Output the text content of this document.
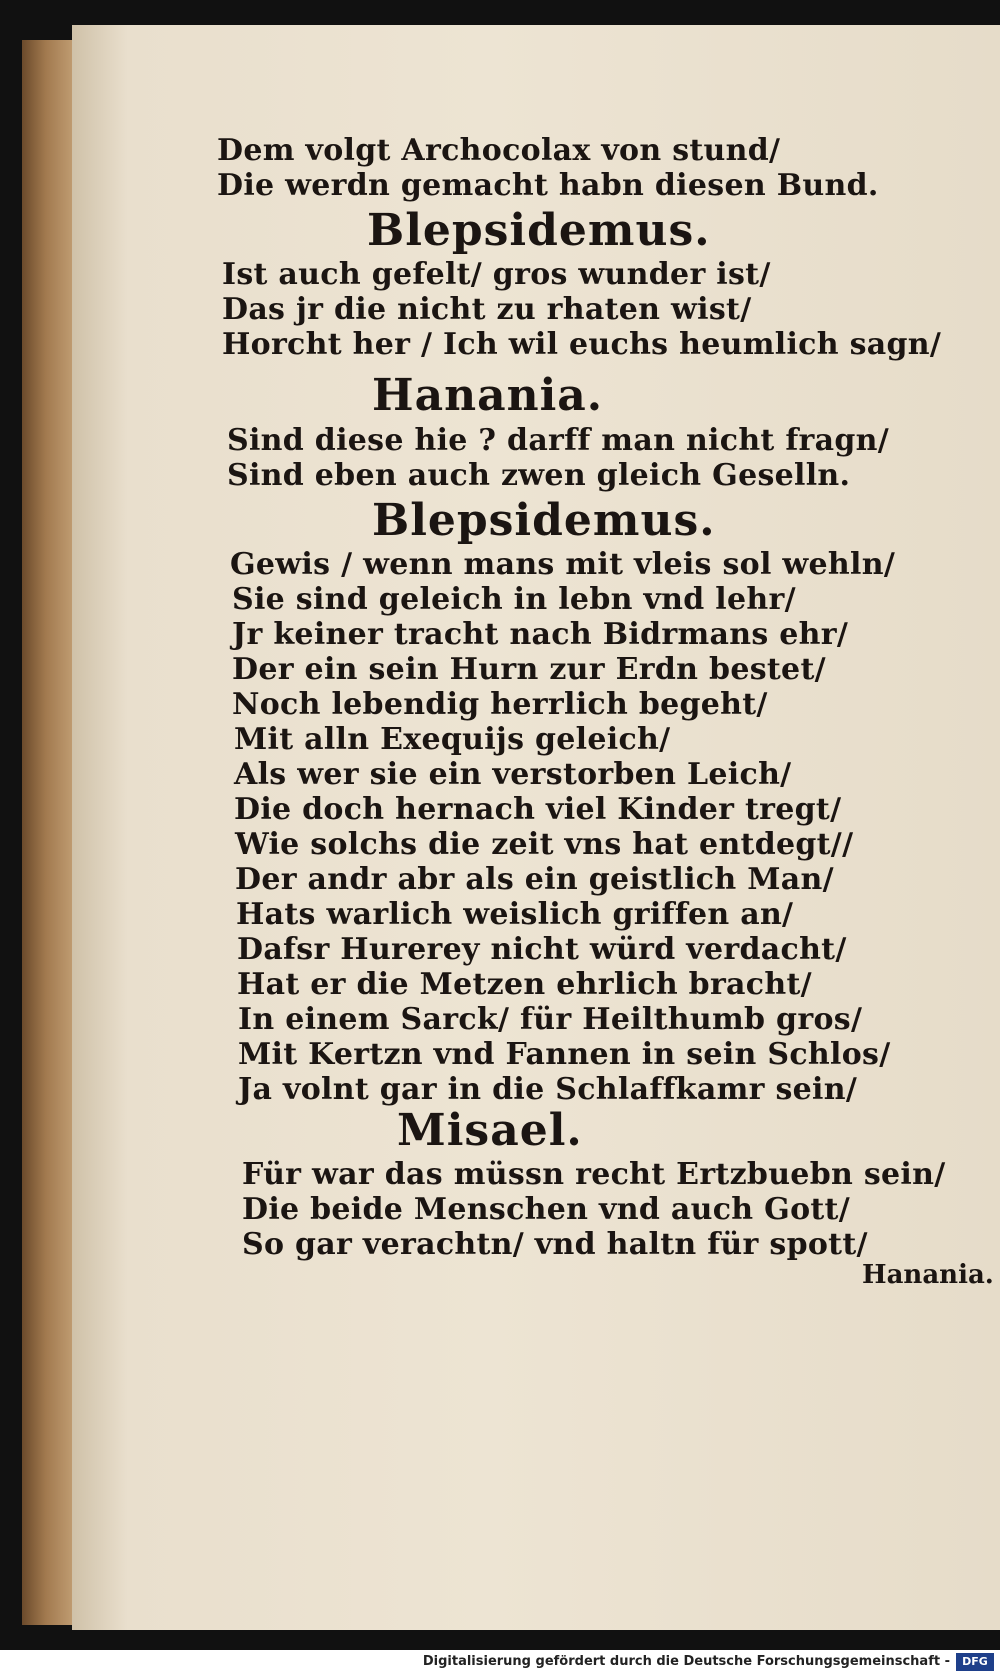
Dem volgt Archocolax von stund/
Die werdn gemacht habn diesen Bund.
Blepsidemus.
Ist auch gefelt/ gros wunder ist/
Das jr die nicht zu rhaten wist/
Horcht her / Ich wil euchs heumlich sagn/
Hanania.
Sind diese hie ? darff man nicht fragn/
Sind eben auch zwen gleich Geselln.
Blepsidemus.
Gewis / wenn mans mit vleis sol wehln/
Sie sind geleich in lebn vnd lehr/
Jr keiner tracht nach Bidrmans ehr/
Der ein sein Hurn zur Erdn bestet/
Noch lebendig herrlich begeht/
Mit alln Exequijs geleich/
Als wer sie ein verstorben Leich/
Die doch hernach viel Kinder tregt/
Wie solchs die zeit vns hat entdegt//
Der andr abr als ein geistlich Man/
Hats warlich weislich griffen an/
Dafsr Hurerey nicht würd verdacht/
Hat er die Metzen ehrlich bracht/
In einem Sarck/ für Heilthumb gros/
Mit Kertzn vnd Fannen in sein Schlos/
Ja volnt gar in die Schlaffkamr sein/
Misael.
Für war das müssn recht Ertzbuebn sein/
Die beide Menschen vnd auch Gott/
So gar verachtn/ vnd haltn für spott/
Hanania.
Digitalisierung gefördert durch die Deutsche Forschungsgemeinschaft -	DFG
